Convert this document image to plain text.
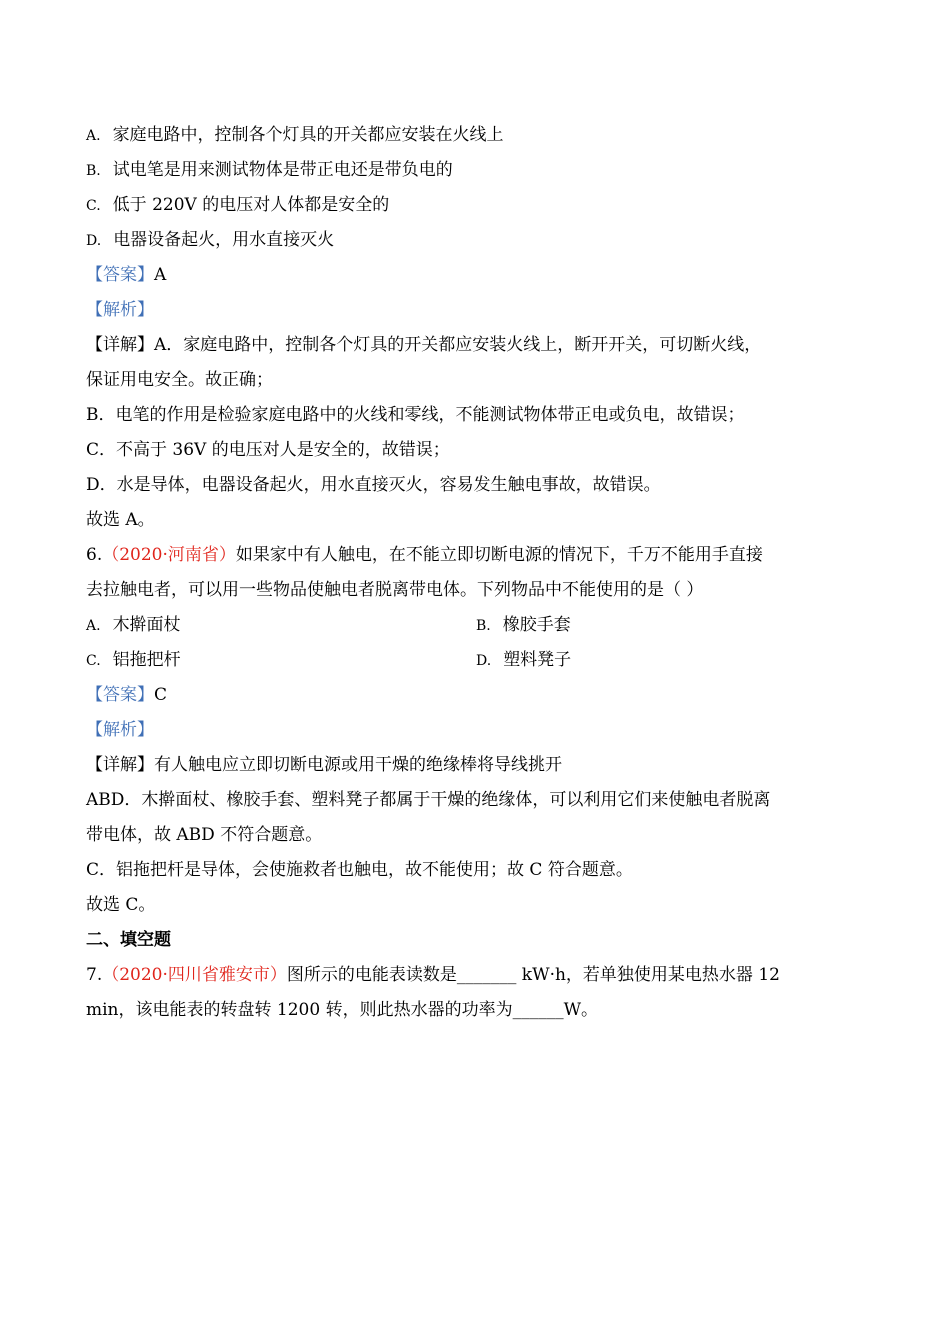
A. 家庭电路中，控制各个灯具的开关都应安装在火线上
B. 试电笔是用来测试物体是带正电还是带负电的
C. 低于 220V 的电压对人体都是安全的
D. 电器设备起火，用水直接灭火
【答案】A
【解析】
【详解】A．家庭电路中，控制各个灯具的开关都应安装火线上，断开开关，可切断火线，
保证用电安全。故正确；
B．电笔的作用是检验家庭电路中的火线和零线，不能测试物体带正电或负电，故错误；
C．不高于 36V 的电压对人是安全的，故错误；
D．水是导体，电器设备起火，用水直接灭火，容易发生触电事故，故错误。
故选 A。
6.（2020·河南省）如果家中有人触电，在不能立即切断电源的情况下，千万不能用手直接
去拉触电者，可以用一些物品使触电者脱离带电体。下列物品中不能使用的是（ ）
A. 木擀面杖	B. 橡胶手套
C. 铝拖把杆	D. 塑料凳子
【答案】C
【解析】
【详解】有人触电应立即切断电源或用干燥的绝缘棒将导线挑开
ABD．木擀面杖、橡胶手套、塑料凳子都属于干燥的绝缘体，可以利用它们来使触电者脱离
带电体，故 ABD 不符合题意。
C．铝拖把杆是导体，会使施救者也触电，故不能使用；故 C 符合题意。
故选 C。
二、填空题
7.（2020·四川省雅安市）图所示的电能表读数是_______ kW·h，若单独使用某电热水器 12
min，该电能表的转盘转 1200 转，则此热水器的功率为______W。
